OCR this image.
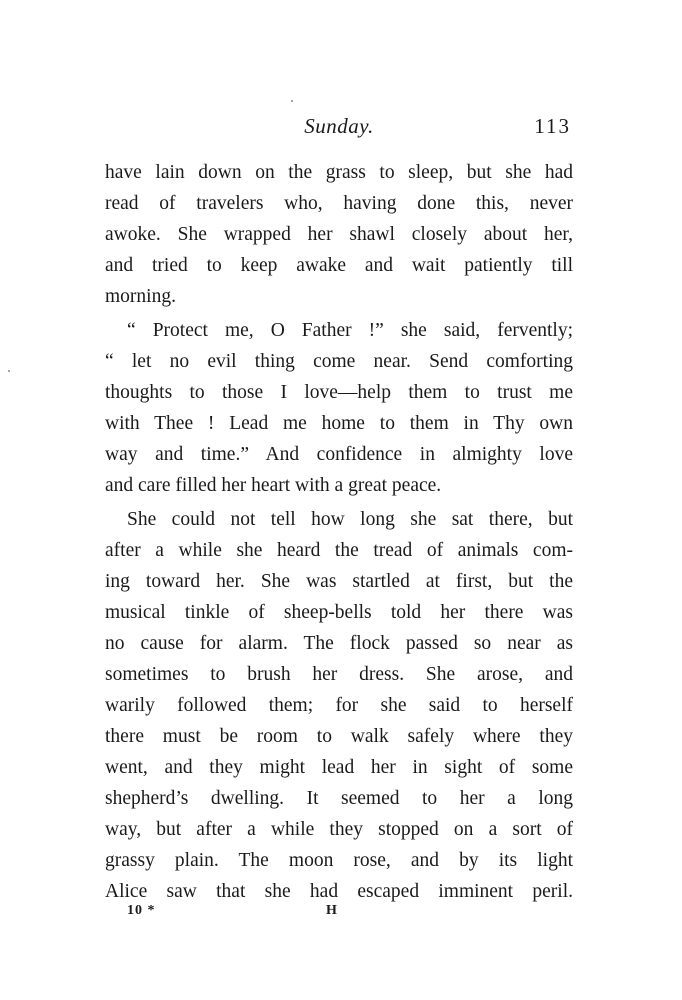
Sunday.	113
have lain down on the grass to sleep, but she had
read of travelers who, having done this, never
awoke. She wrapped her shawl closely about her,
and tried to keep awake and wait patiently till
morning.
“ Protect me, O Father !” she said, fervently;
“ let no evil thing come near. Send comforting
thoughts to those I love—help them to trust me
with Thee ! Lead me home to them in Thy own
way and time.” And confidence in almighty love
and care filled her heart with a great peace.
She could not tell how long she sat there, but
after a while she heard the tread of animals com-
ing toward her. She was startled at first, but the
musical tinkle of sheep-bells told her there was
no cause for alarm. The flock passed so near as
sometimes to brush her dress. She arose, and
warily followed them; for she said to herself
there must be room to walk safely where they
went, and they might lead her in sight of some
shepherd’s dwelling. It seemed to her a long
way, but after a while they stopped on a sort of
grassy plain. The moon rose, and by its light
Alice saw that she had escaped imminent peril.
10 *	H
